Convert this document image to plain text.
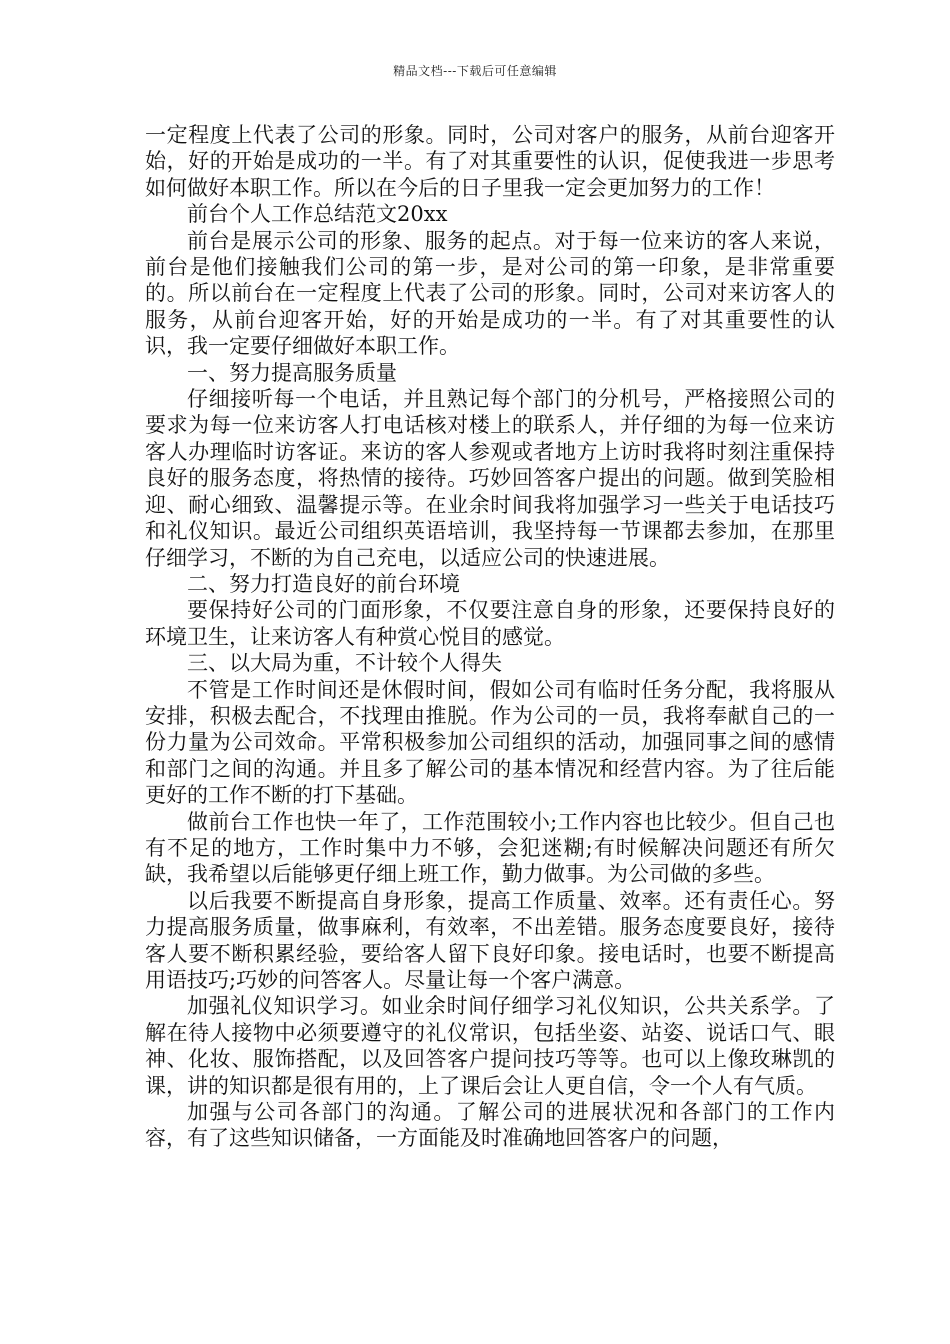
精品文档---下载后可任意编辑

一定程度上代表了公司的形象。同时，公司对客户的服务，从前台迎客开始，好的开始是成功的一半。有了对其重要性的认识，促使我进一步思考如何做好本职工作。所以在今后的日子里我一定会更加努力的工作！

前台个人工作总结范文20xx

前台是展示公司的形象、服务的起点。对于每一位来访的客人来说，前台是他们接触我们公司的第一步，是对公司的第一印象，是非常重要的。所以前台在一定程度上代表了公司的形象。同时，公司对来访客人的服务，从前台迎客开始，好的开始是成功的一半。有了对其重要性的认识，我一定要仔细做好本职工作。

一、努力提高服务质量

仔细接听每一个电话，并且熟记每个部门的分机号，严格接照公司的要求为每一位来访客人打电话核对楼上的联系人，并仔细的为每一位来访客人办理临时访客证。来访的客人参观或者地方上访时我将时刻注重保持良好的服务态度，将热情的接待。巧妙回答客户提出的问题。做到笑脸相迎、耐心细致、温馨提示等。在业余时间我将加强学习一些关于电话技巧和礼仪知识。最近公司组织英语培训，我坚持每一节课都去参加，在那里仔细学习，不断的为自己充电，以适应公司的快速进展。

二、努力打造良好的前台环境

要保持好公司的门面形象，不仅要注意自身的形象，还要保持良好的环境卫生，让来访客人有种赏心悦目的感觉。

三、以大局为重，不计较个人得失

不管是工作时间还是休假时间，假如公司有临时任务分配，我将服从安排，积极去配合，不找理由推脱。作为公司的一员，我将奉献自己的一份力量为公司效命。平常积极参加公司组织的活动，加强同事之间的感情和部门之间的沟通。并且多了解公司的基本情况和经营内容。为了往后能更好的工作不断的打下基础。

做前台工作也快一年了，工作范围较小;工作内容也比较少。但自己也有不足的地方，工作时集中力不够，会犯迷糊;有时候解决问题还有所欠缺，我希望以后能够更仔细上班工作，勤力做事。为公司做的多些。

以后我要不断提高自身形象，提高工作质量、效率。还有责任心。努力提高服务质量，做事麻利，有效率，不出差错。服务态度要良好，接待客人要不断积累经验，要给客人留下良好印象。接电话时，也要不断提高用语技巧;巧妙的问答客人。尽量让每一个客户满意。

加强礼仪知识学习。如业余时间仔细学习礼仪知识，公共关系学。了解在待人接物中必须要遵守的礼仪常识，包括坐姿、站姿、说话口气、眼神、化妆、服饰搭配，以及回答客户提问技巧等等。也可以上像玫琳凯的课，讲的知识都是很有用的，上了课后会让人更自信，令一个人有气质。

加强与公司各部门的沟通。了解公司的进展状况和各部门的工作内容，有了这些知识储备，一方面能及时准确地回答客户的问题，
